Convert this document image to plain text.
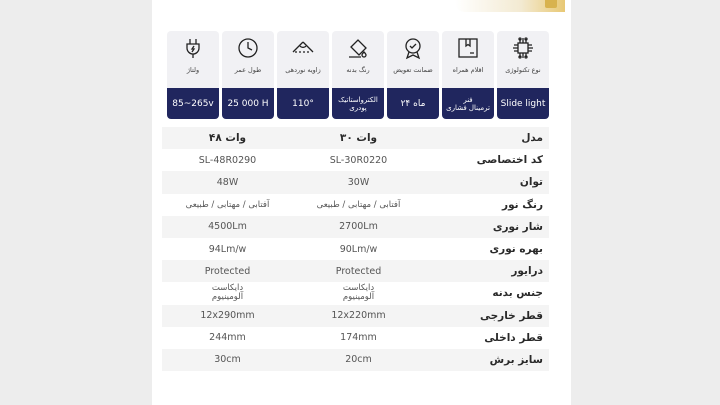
نوع تکنولوژی
Slide light
اقلام همراه
فنر
ترمینال فشاری
ضمانت تعویض
۲۴ ماه
رنگ بدنه
الکترواستاتیک
پودری
زاویه نوردهی
110°
طول عمر
25 000 H
ولتاژ
85~265v
مدل
۳۰ وات
۴۸ وات
کد اختصاصی
SL-30R0220
SL-48R0290
توان
30W
48W
رنگ نور
آفتابی / مهتابی / طبیعی
آفتابی / مهتابی / طبیعی
شار نوری
2700Lm
4500Lm
بهره نوری
90Lm/w
94Lm/w
درایور
Protected
Protected
جنس بدنه
دایکاست
آلومینیوم
دایکاست
آلومینیوم
قطر خارجی
12x220mm
12x290mm
قطر داخلی
174mm
244mm
سایز برش
20cm
30cm
